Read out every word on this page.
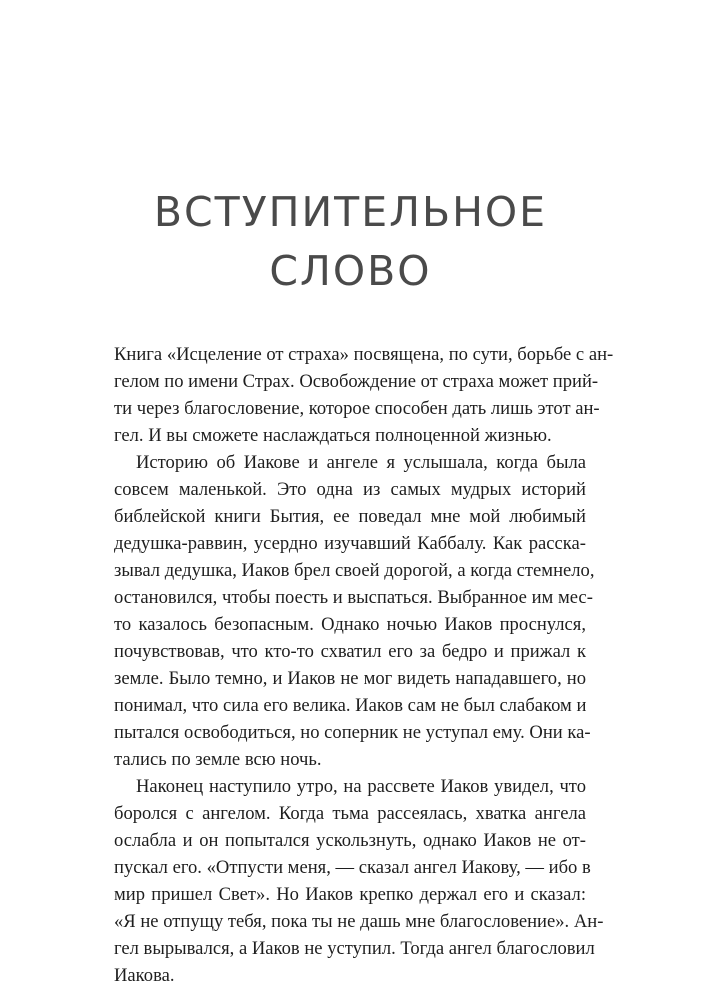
ВСТУПИТЕЛЬНОЕ
СЛОВО
Книга «Исцеление от страха» посвящена, по сути, борьбе с ан-
гелом по имени Страх. Освобождение от страха может прий-
ти через благословение, которое способен дать лишь этот ан-
гел. И вы сможете наслаждаться полноценной жизнью.
Историю об Иакове и ангеле я услышала, когда была
совсем маленькой. Это одна из самых мудрых историй
библейской книги Бытия, ее поведал мне мой любимый
дедушка-раввин, усердно изучавший Каббалу. Как расска-
зывал дедушка, Иаков брел своей дорогой, а когда стемнело,
остановился, чтобы поесть и выспаться. Выбранное им мес-
то казалось безопасным. Однако ночью Иаков проснулся,
почувствовав, что кто-то схватил его за бедро и прижал к
земле. Было темно, и Иаков не мог видеть нападавшего, но
понимал, что сила его велика. Иаков сам не был слабаком и
пытался освободиться, но соперник не уступал ему. Они ка-
тались по земле всю ночь.
Наконец наступило утро, на рассвете Иаков увидел, что
боролся с ангелом. Когда тьма рассеялась, хватка ангела
ослабла и он попытался ускользнуть, однако Иаков не от-
пускал его. «Отпусти меня, — сказал ангел Иакову, — ибо в
мир пришел Свет». Но Иаков крепко держал его и сказал:
«Я не отпущу тебя, пока ты не дашь мне благословение». Ан-
гел вырывался, а Иаков не уступил. Тогда ангел благословил
Иакова.
